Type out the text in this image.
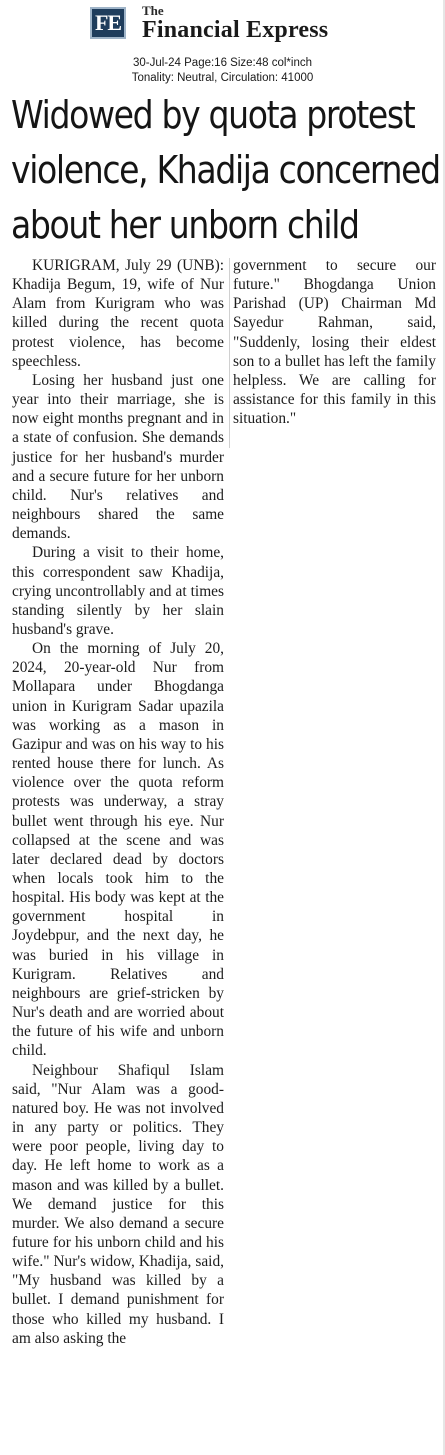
FE	The
Financial Express
30-Jul-24 Page:16 Size:48 col*inch
Tonality: Neutral, Circulation: 41000
Widowed by quota protest
violence, Khadija concerned
about her unborn child

KURIGRAM, July 29 (UNB): Khadija Begum, 19, wife of Nur Alam from Kurigram who was killed during the recent quota protest violence, has become speechless.

Losing her husband just one year into their marriage, she is now eight months pregnant and in a state of confusion. She demands justice for her husband's murder and a secure future for her unborn child. Nur's relatives and neighbours shared the same demands.

During a visit to their home, this correspondent saw Khadija, crying uncontrollably and at times standing silently by her slain husband's grave.

On the morning of July 20, 2024, 20-year-old Nur from Mollapara under Bhogdanga union in Kurigram Sadar upazila was working as a mason in Gazipur and was on his way to his rented house there for lunch. As violence over the quota reform protests was underway, a stray bullet went through his eye. Nur collapsed at the scene and was later declared dead by doctors when locals took him to the hospital. His body was kept at the government hospital in Joydebpur, and the next day, he was buried in his village in Kurigram. Relatives and neighbours are grief-stricken by Nur's death and are worried about the future of his wife and unborn child.

Neighbour Shafiqul Islam said, "Nur Alam was a good-natured boy. He was not involved in any party or politics. They were poor people, living day to day. He left home to work as a mason and was killed by a bullet. We demand justice for this murder. We also demand a secure future for his unborn child and his wife." Nur's widow, Khadija, said, "My husband was killed by a bullet. I demand punishment for those who killed my husband. I am also asking the

government to secure our future." Bhogdanga Union Parishad (UP) Chairman Md Sayedur Rahman, said, "Suddenly, losing their eldest son to a bullet has left the family helpless. We are calling for assistance for this family in this situation."
